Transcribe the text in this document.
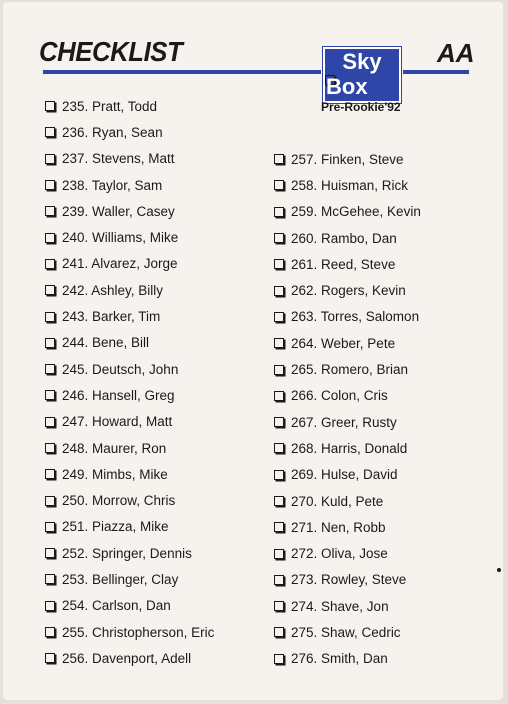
CHECKLIST	AA
Sky
Box
Pre-Rookie'92
235. Pratt, Todd
236. Ryan, Sean
237. Stevens, Matt
238. Taylor, Sam
239. Waller, Casey
240. Williams, Mike
241. Alvarez, Jorge
242. Ashley, Billy
243. Barker, Tim
244. Bene, Bill
245. Deutsch, John
246. Hansell, Greg
247. Howard, Matt
248. Maurer, Ron
249. Mimbs, Mike
250. Morrow, Chris
251. Piazza, Mike
252. Springer, Dennis
253. Bellinger, Clay
254. Carlson, Dan
255. Christopherson, Eric
256. Davenport, Adell
257. Finken, Steve
258. Huisman, Rick
259. McGehee, Kevin
260. Rambo, Dan
261. Reed, Steve
262. Rogers, Kevin
263. Torres, Salomon
264. Weber, Pete
265. Romero, Brian
266. Colon, Cris
267. Greer, Rusty
268. Harris, Donald
269. Hulse, David
270. Kuld, Pete
271. Nen, Robb
272. Oliva, Jose
273. Rowley, Steve
274. Shave, Jon
275. Shaw, Cedric
276. Smith, Dan
